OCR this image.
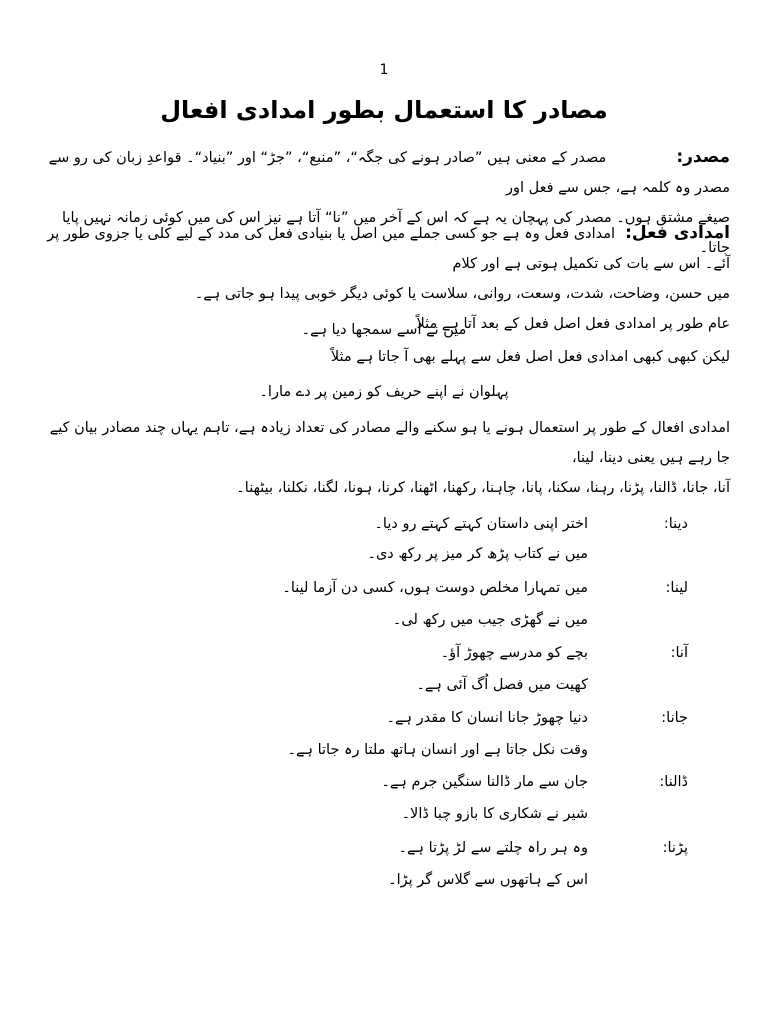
1
مصادر کا استعمال بطور امدادی افعال
مصدر:مصدر کے معنی ہیں ”صادر ہونے کی جگہ“، ”منبع“، ”جڑ“ اور ”بنیاد“۔ قواعدِ زبان کی رو سے مصدر وہ کلمہ ہے، جس سے فعل اور
صیغے مشتق ہوں۔ مصدر کی پہچان یہ ہے کہ اس کے آخر میں ”نا“ آتا ہے نیز اس کی میں کوئی زمانہ نہیں پایا جاتا۔
امدادی فعل:امدادی فعل وہ ہے جو کسی جملے میں اصل یا بنیادی فعل کی مدد کے لیے کلی یا جزوی طور پر آئے۔ اس سے بات کی تکمیل ہوتی ہے اور کلام
میں حسن، وضاحت، شدت، وسعت، روانی، سلاست یا کوئی دیگر خوبی پیدا ہو جاتی ہے۔
عام طور پر امدادی فعل اصل فعل کے بعد آتا ہے مثلاً
میں نے اسے سمجھا دیا ہے۔
لیکن کبھی کبھی امدادی فعل اصل فعل سے پہلے بھی آ جاتا ہے مثلاً
پہلوان نے اپنے حریف کو زمین پر دے مارا۔
امدادی افعال کے طور پر استعمال ہونے یا ہو سکنے والے مصادر کی تعداد زیادہ ہے، تاہم یہاں چند مصادر بیان کیے جا رہے ہیں یعنی دینا، لینا،
آنا، جانا، ڈالنا، پڑنا، رہنا، سکنا، پانا، چاہنا، رکھنا، اٹھنا، کرنا، ہونا، لگنا، نکلنا، بیٹھنا۔
دینا:
اختر اپنی داستان کہتے کہتے رو دیا۔
میں نے کتاب پڑھ کر میز پر رکھ دی۔
لینا:
میں تمہارا مخلص دوست ہوں، کسی دن آزما لینا۔
میں نے گھڑی جیب میں رکھ لی۔
آنا:
بچے کو مدرسے چھوڑ آؤ۔
کھیت میں فصل اُگ آئی ہے۔
جانا:
دنیا چھوڑ جانا انسان کا مقدر ہے۔
وقت نکل جاتا ہے اور انسان ہاتھ ملتا رہ جاتا ہے۔
ڈالنا:
جان سے مار ڈالنا سنگین جرم ہے۔
شیر نے شکاری کا بازو چبا ڈالا۔
پڑنا:
وہ ہر راہ چلتے سے لڑ پڑتا ہے۔
اس کے ہاتھوں سے گلاس گر پڑا۔
